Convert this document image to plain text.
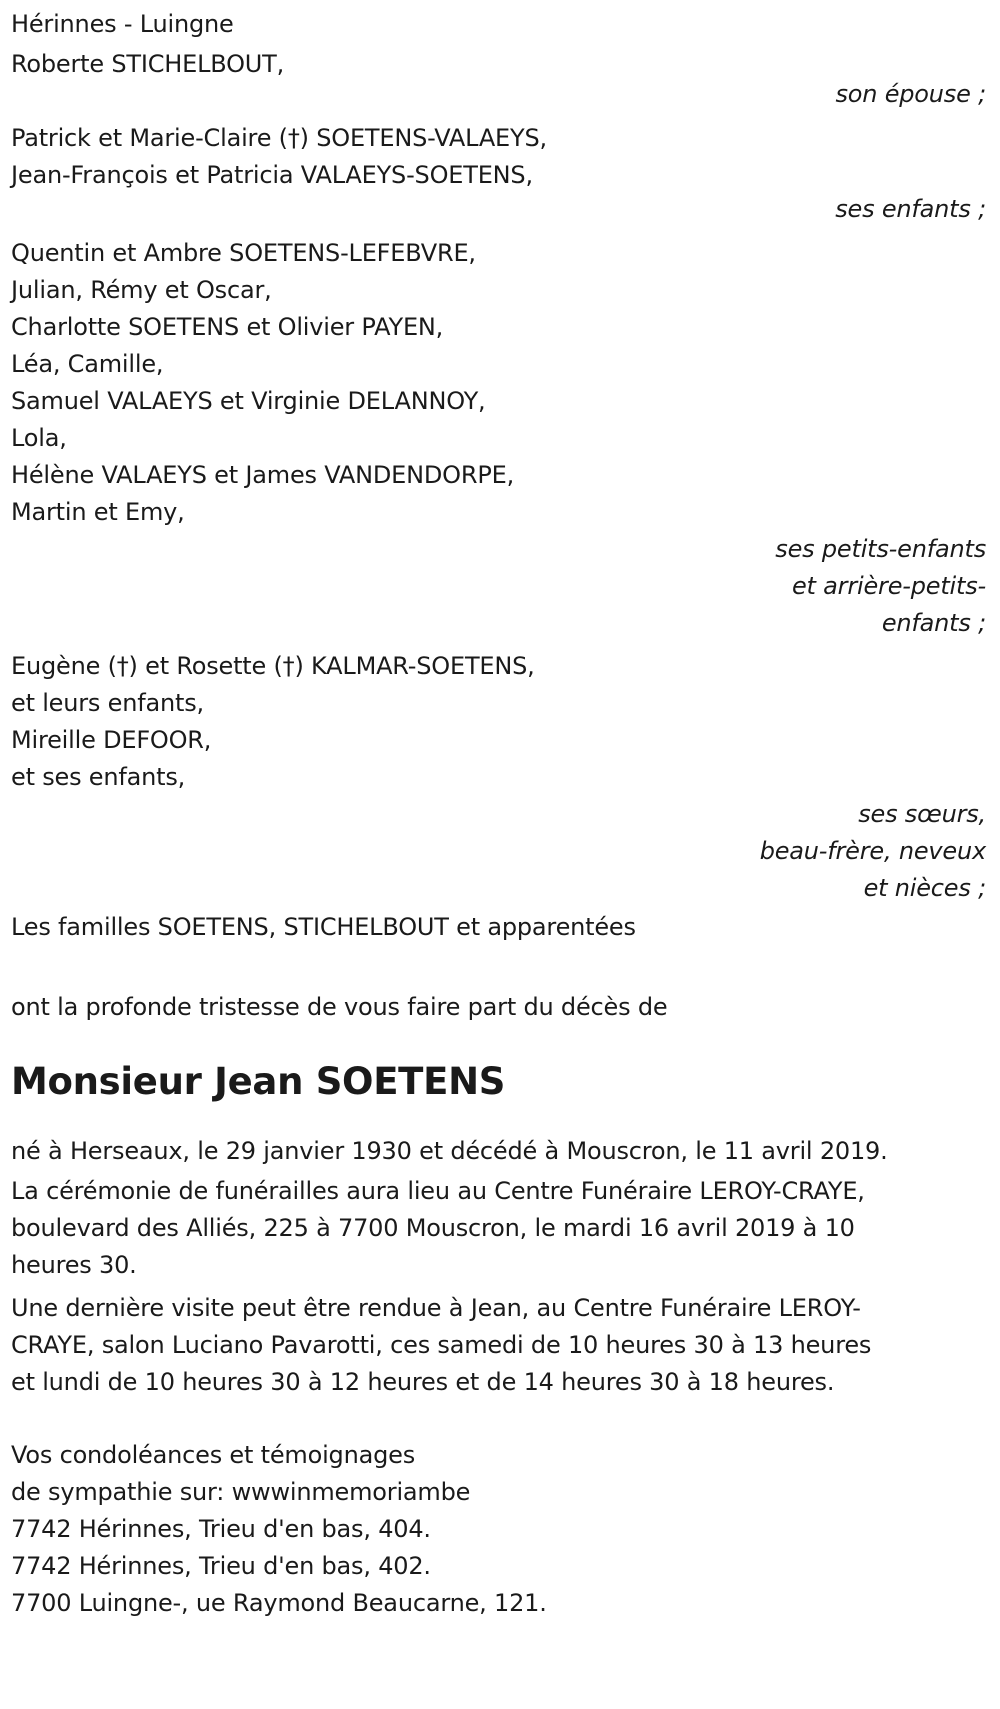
Hérinnes - Luingne
Roberte STICHELBOUT,
son épouse ;
Patrick et Marie-Claire (†) SOETENS-VALAEYS,
Jean-François et Patricia VALAEYS-SOETENS,
ses enfants ;
Quentin et Ambre SOETENS-LEFEBVRE,
Julian, Rémy et Oscar,
Charlotte SOETENS et Olivier PAYEN,
Léa, Camille,
Samuel VALAEYS et Virginie DELANNOY,
Lola,
Hélène VALAEYS et James VANDENDORPE,
Martin et Emy,
ses petits-enfants
et arrière-petits-
enfants ;
Eugène (†) et Rosette (†) KALMAR-SOETENS,
et leurs enfants,
Mireille DEFOOR,
et ses enfants,
ses sœurs,
beau-frère, neveux
et nièces ;
Les familles SOETENS, STICHELBOUT et apparentées
ont la profonde tristesse de vous faire part du décès de
Monsieur Jean SOETENS
né à Herseaux, le 29 janvier 1930 et décédé à Mouscron, le 11 avril 2019.
La cérémonie de funérailles aura lieu au Centre Funéraire LEROY-CRAYE,
boulevard des Alliés, 225 à 7700 Mouscron, le mardi 16 avril 2019 à 10
heures 30.
Une dernière visite peut être rendue à Jean, au Centre Funéraire LEROY-
CRAYE, salon Luciano Pavarotti, ces samedi de 10 heures 30 à 13 heures
et lundi de 10 heures 30 à 12 heures et de 14 heures 30 à 18 heures.
Vos condoléances et témoignages
de sympathie sur: wwwinmemoriambe
7742 Hérinnes, Trieu d'en bas, 404.
7742 Hérinnes, Trieu d'en bas, 402.
7700 Luingne-, ue Raymond Beaucarne, 121.
